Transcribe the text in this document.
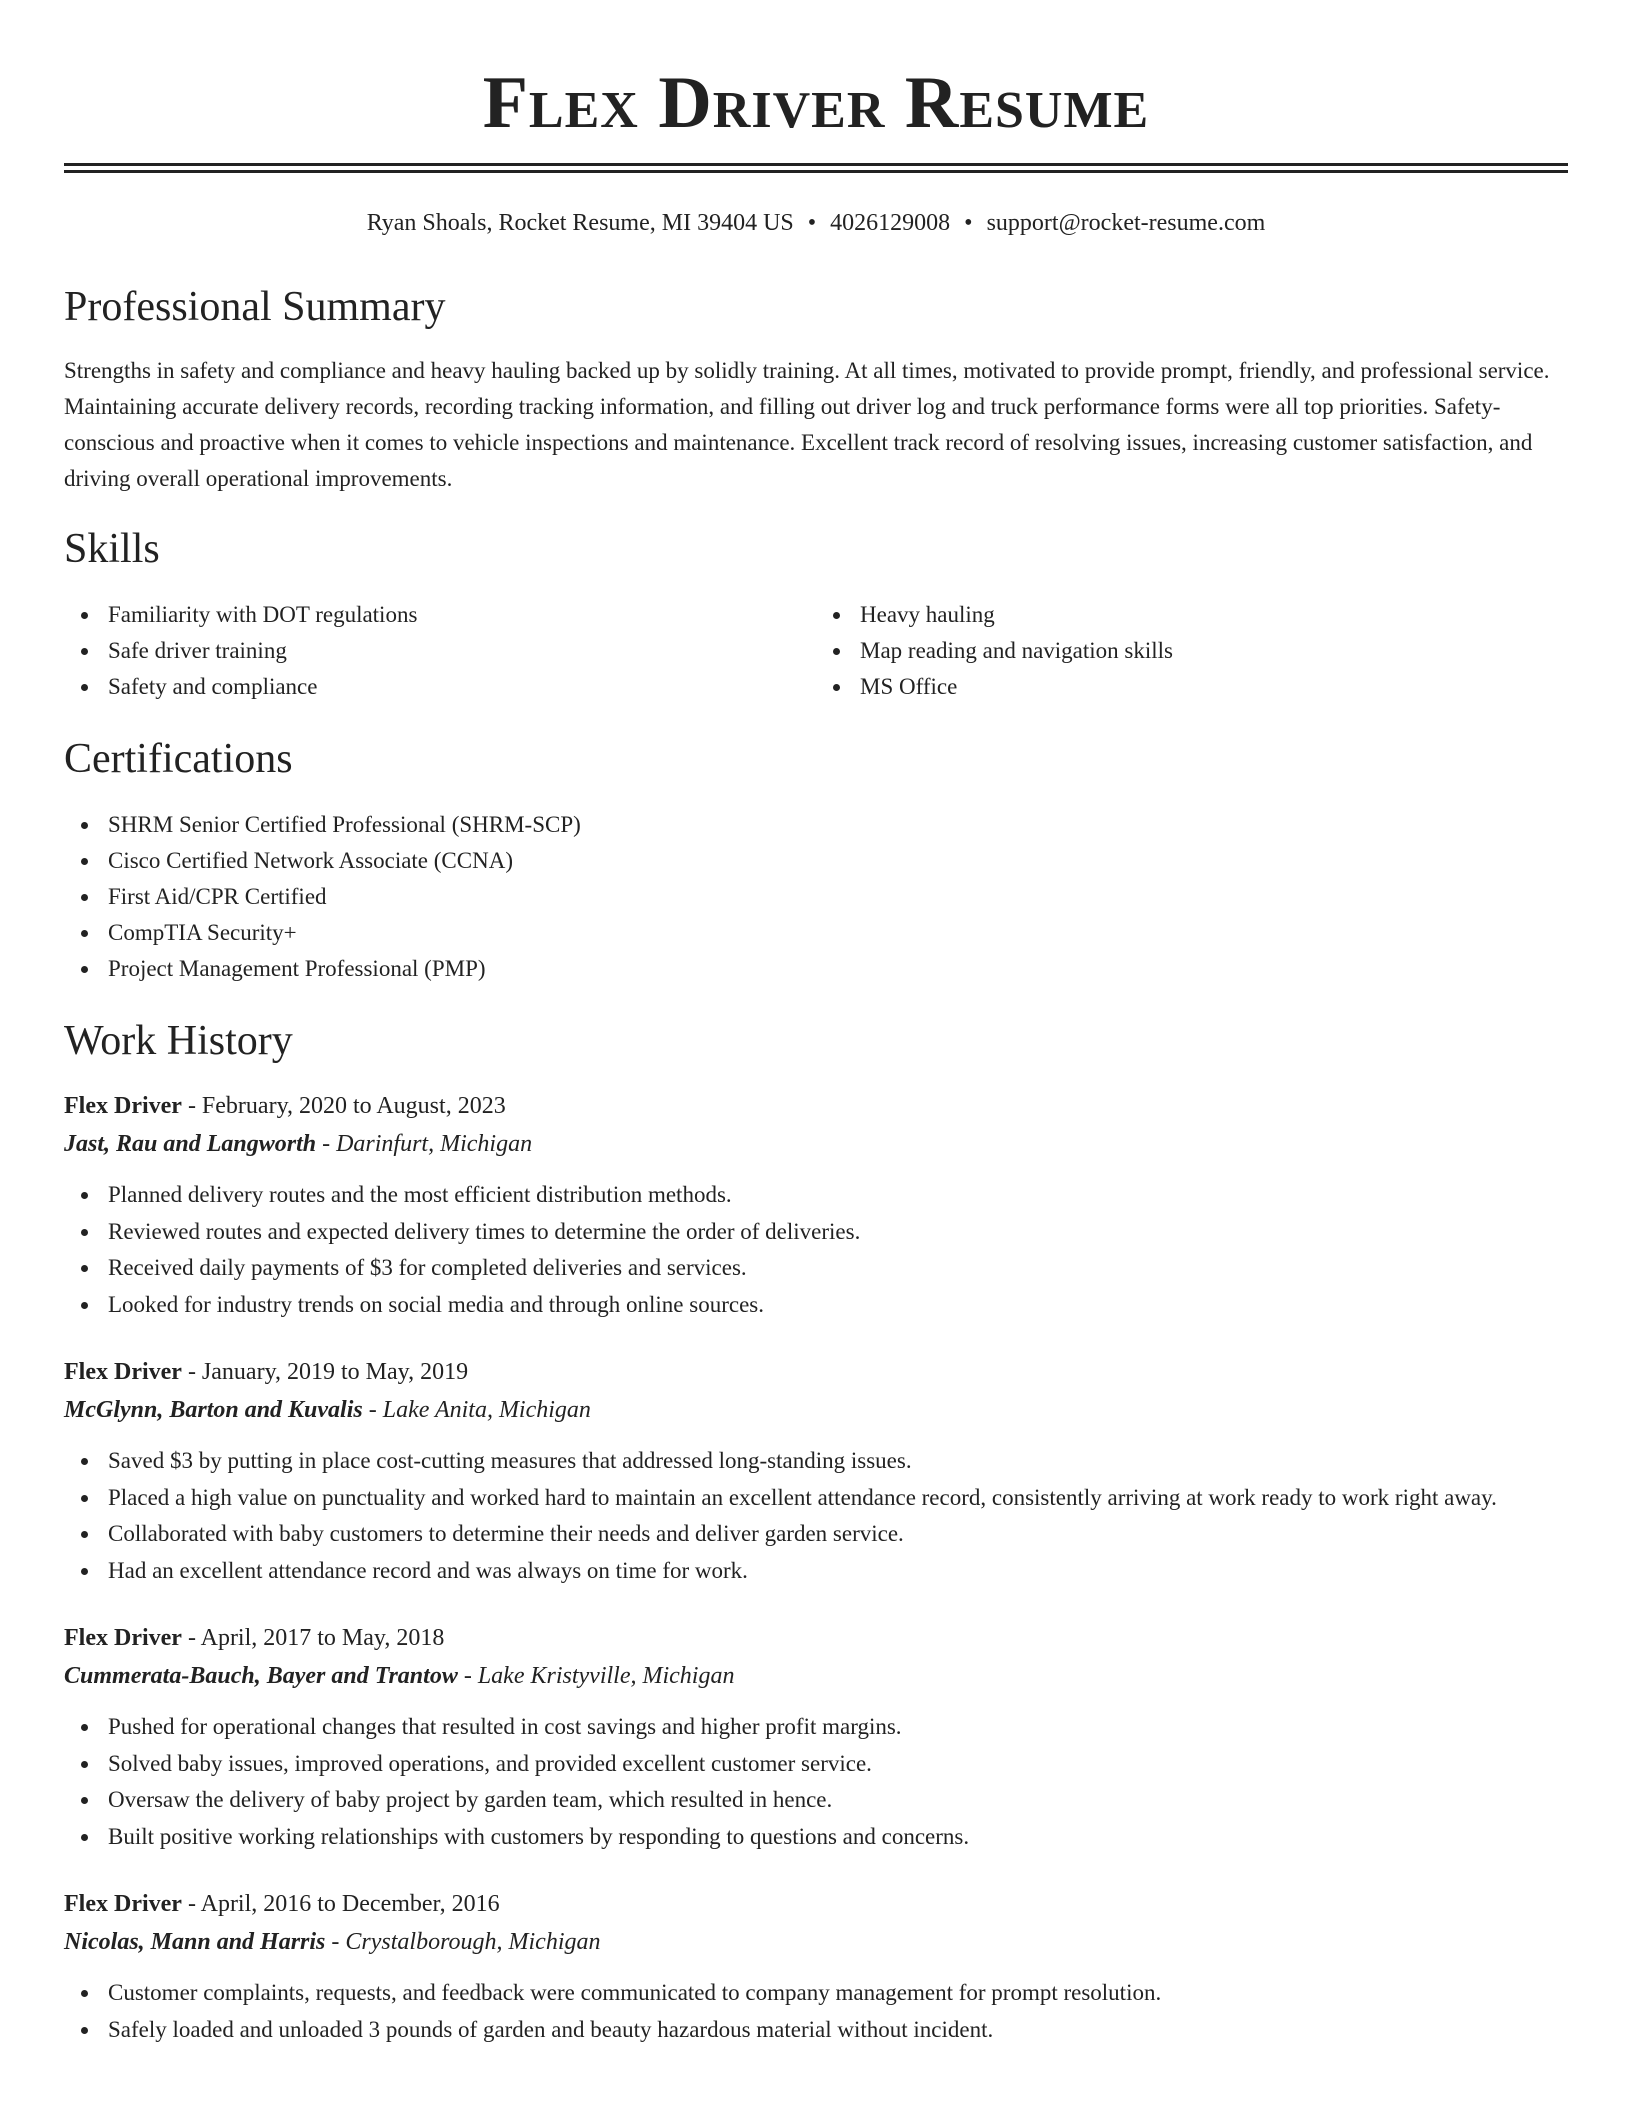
Flex Driver Resume
Ryan Shoals, Rocket Resume, MI 39404 US • 4026129008 • support@rocket-resume.com
Professional Summary

Strengths in safety and compliance and heavy hauling backed up by solidly training. At all times, motivated to provide prompt, friendly, and professional service. Maintaining accurate delivery records, recording tracking information, and filling out driver log and truck performance forms were all top priorities. Safety-conscious and proactive when it comes to vehicle inspections and maintenance. Excellent track record of resolving issues, increasing customer satisfaction, and driving overall operational improvements.

Skills
Familiarity with DOT regulations
Safe driver training
Safety and compliance
Heavy hauling
Map reading and navigation skills
MS Office
Certifications
SHRM Senior Certified Professional (SHRM-SCP)
Cisco Certified Network Associate (CCNA)
First Aid/CPR Certified
CompTIA Security+
Project Management Professional (PMP)
Work History
Flex Driver - February, 2020 to August, 2023
Jast, Rau and Langworth - Darinfurt, Michigan
Planned delivery routes and the most efficient distribution methods.
Reviewed routes and expected delivery times to determine the order of deliveries.
Received daily payments of $3 for completed deliveries and services.
Looked for industry trends on social media and through online sources.
Flex Driver - January, 2019 to May, 2019
McGlynn, Barton and Kuvalis - Lake Anita, Michigan
Saved $3 by putting in place cost-cutting measures that addressed long-standing issues.
Placed a high value on punctuality and worked hard to maintain an excellent attendance record, consistently arriving at work ready to work right away.
Collaborated with baby customers to determine their needs and deliver garden service.
Had an excellent attendance record and was always on time for work.
Flex Driver - April, 2017 to May, 2018
Cummerata-Bauch, Bayer and Trantow - Lake Kristyville, Michigan
Pushed for operational changes that resulted in cost savings and higher profit margins.
Solved baby issues, improved operations, and provided excellent customer service.
Oversaw the delivery of baby project by garden team, which resulted in hence.
Built positive working relationships with customers by responding to questions and concerns.
Flex Driver - April, 2016 to December, 2016
Nicolas, Mann and Harris - Crystalborough, Michigan
Customer complaints, requests, and feedback were communicated to company management for prompt resolution.
Safely loaded and unloaded 3 pounds of garden and beauty hazardous material without incident.
